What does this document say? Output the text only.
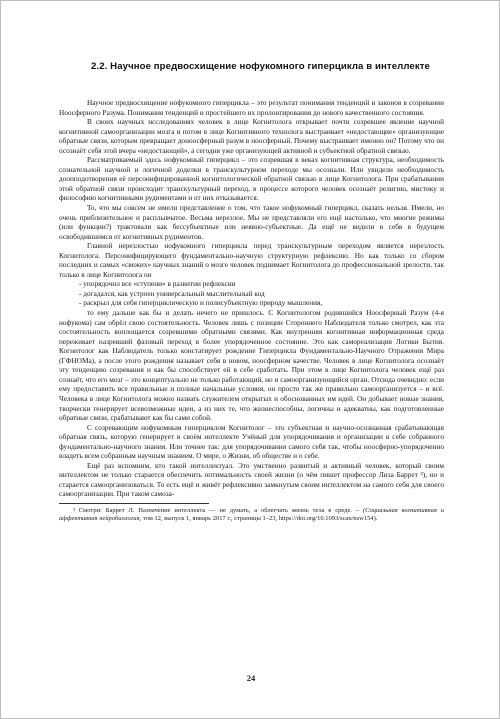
2.2. Научное предвосхищение нофукомного гиперцикла в интеллекте

Научное предвосхищение нофукомного гиперцикла – это результат понимания тенденций и законов в созревании Ноосферного Разума. Понимания тенденций и простейшего их пролонгирования до нового качественного состояния.

В своих научных исследованиях человек в лице Когнитолога открывает почти созревшее явление научной когнитивной самоорганизации мозга и потом в лице Когнитивного технолога выстраивает «недостающие» организующие обратные связи, которым превращает доноосферный разум в ноосферный. Почему выстраивает именно он? Потому что он осознаёт себя этой вчера «недостающей», а сегодня уже организующей активной и субъектной обратной связью.

Рассматриваемый здесь нофукомный гиперцикл – это созревшая в веках когнитивная структура, необходимость сознательной научной и логичной доделки в транскультурном переходе мы осознали. Или увидели необходимость доопподотворения её персонифицированной когнитологической обратной связью в лице Когнитолога. При срабатывании этой обратной связи происходит транскультурный переход, в процессе которого человек осознаёт религию, мистику и философию когнитивными рудиментами и от них отказывается.

То, что мы совсем не имели представление о том, что такое нофукомный гиперцикл, сказать нельзя. Имели, но очень приблизительное и расплывчатое. Весьма нерезлое. Мы не представляли его ещё настолько, что многие режимы (или функции?) трактовали как бессубъектные или неявно-субъектные. Да ещё не видели в себя в будущем освободившимся от когнитивных рудиментов.

Главной нерезлостью нофукомного гиперцикла перед транскультурным переходом является нерезлость Когнитолога. Персонифицирующего фундаментально-научную структурную рефлексию. Но как только со сбором последних и самых «свежих» научных знаний о мозге человек поднимает Когнитолога до профессиональной зрелости, так только в лице Когнитолога он

- упорядочил все «ступени» в развитии рефлексии
- догадался, как устроен универсальный мыслительный код
- раскрыл для себя гиперциклическую и полисубъектную природу мышления,

то ему дальше как бы и делать нечего не пришлось. С Когнитологом родившийся Ноосферный Разум (4-я нофукома) сам обрёл свою состоятельность. Человек лишь с позиции Стороннего Наблюдателя только смотрел, как эта состоятельность воплощается созревшими обратными связями. Как внутренняя когнитивная информационная среда переживает назревший фазовый переход в более упорядоченное состояние. Это как самореализация Логики Бытия. Когнитолог как Наблюдатель только констатирует рождение Гиперцикла Фундаментально-Научного Отражения Мира (ГФНОМа), а после этого рождения называет себя в новом, ноосферном качестве. Человек в лице Когнитолога осознаёт эту тенденцию созревания и как бы способствует ей в себе сработать. При этом в лице Когнитолога человек ещё раз сознаёт, что его мозг – это концептуально не только работающий, но и самоорганизующийся орган. Отсюда очевидно: если ему предоставить все правильные и полные начальные условия, он просто так же правильно самоорганизуется – и всё. Человека в лице Когнитолога можно назвать служителем открытых и обоснованных им идей. Он добывает новые знания, творчески генерирует всевозможные идеи, а из них те, что жизнеспособны, логичны и адекватны, как подготовленные обратные связи, срабатывают как бы сами собой.

С созревающим нофукомным гиперциклом Когнитолог – это субъектная и научно-осознанная срабатывающая обратная связь, которую генерирует в своём интеллекте Учёный для упорядочивания и организации в себе собранного фундаментально-научного знания. Или точнее так: для упорядочивания самого себя так, чтобы ноосферно-упорядоченно владеть всем собранным научным знанием. О мире, о Жизни, об обществе и о себе.

Ещё раз вспомним, кто такой интеллектуал. Это умственно развитый и активный человек, который своим интеллектом не только старается обеспечить оптимальность своей жизни (о чём пишет профессор Лиза Баррет ³), но и старается самоорганизоваться. То есть ещё и живёт рефлексивно замкнутым своим интеллектом на самого себя для своего самоорганизации. При таком самоза-

³ Смотри: Баррет Л. Назначение интеллекта — не думать, а облегчать жизнь тела в среде. – (Социальная когнитивная и аффективная нейробиология, том 12, выпуск 1, январь 2017 г., страницы 1–23, https://doi.org/10.1093/scan/nsw154).
24
